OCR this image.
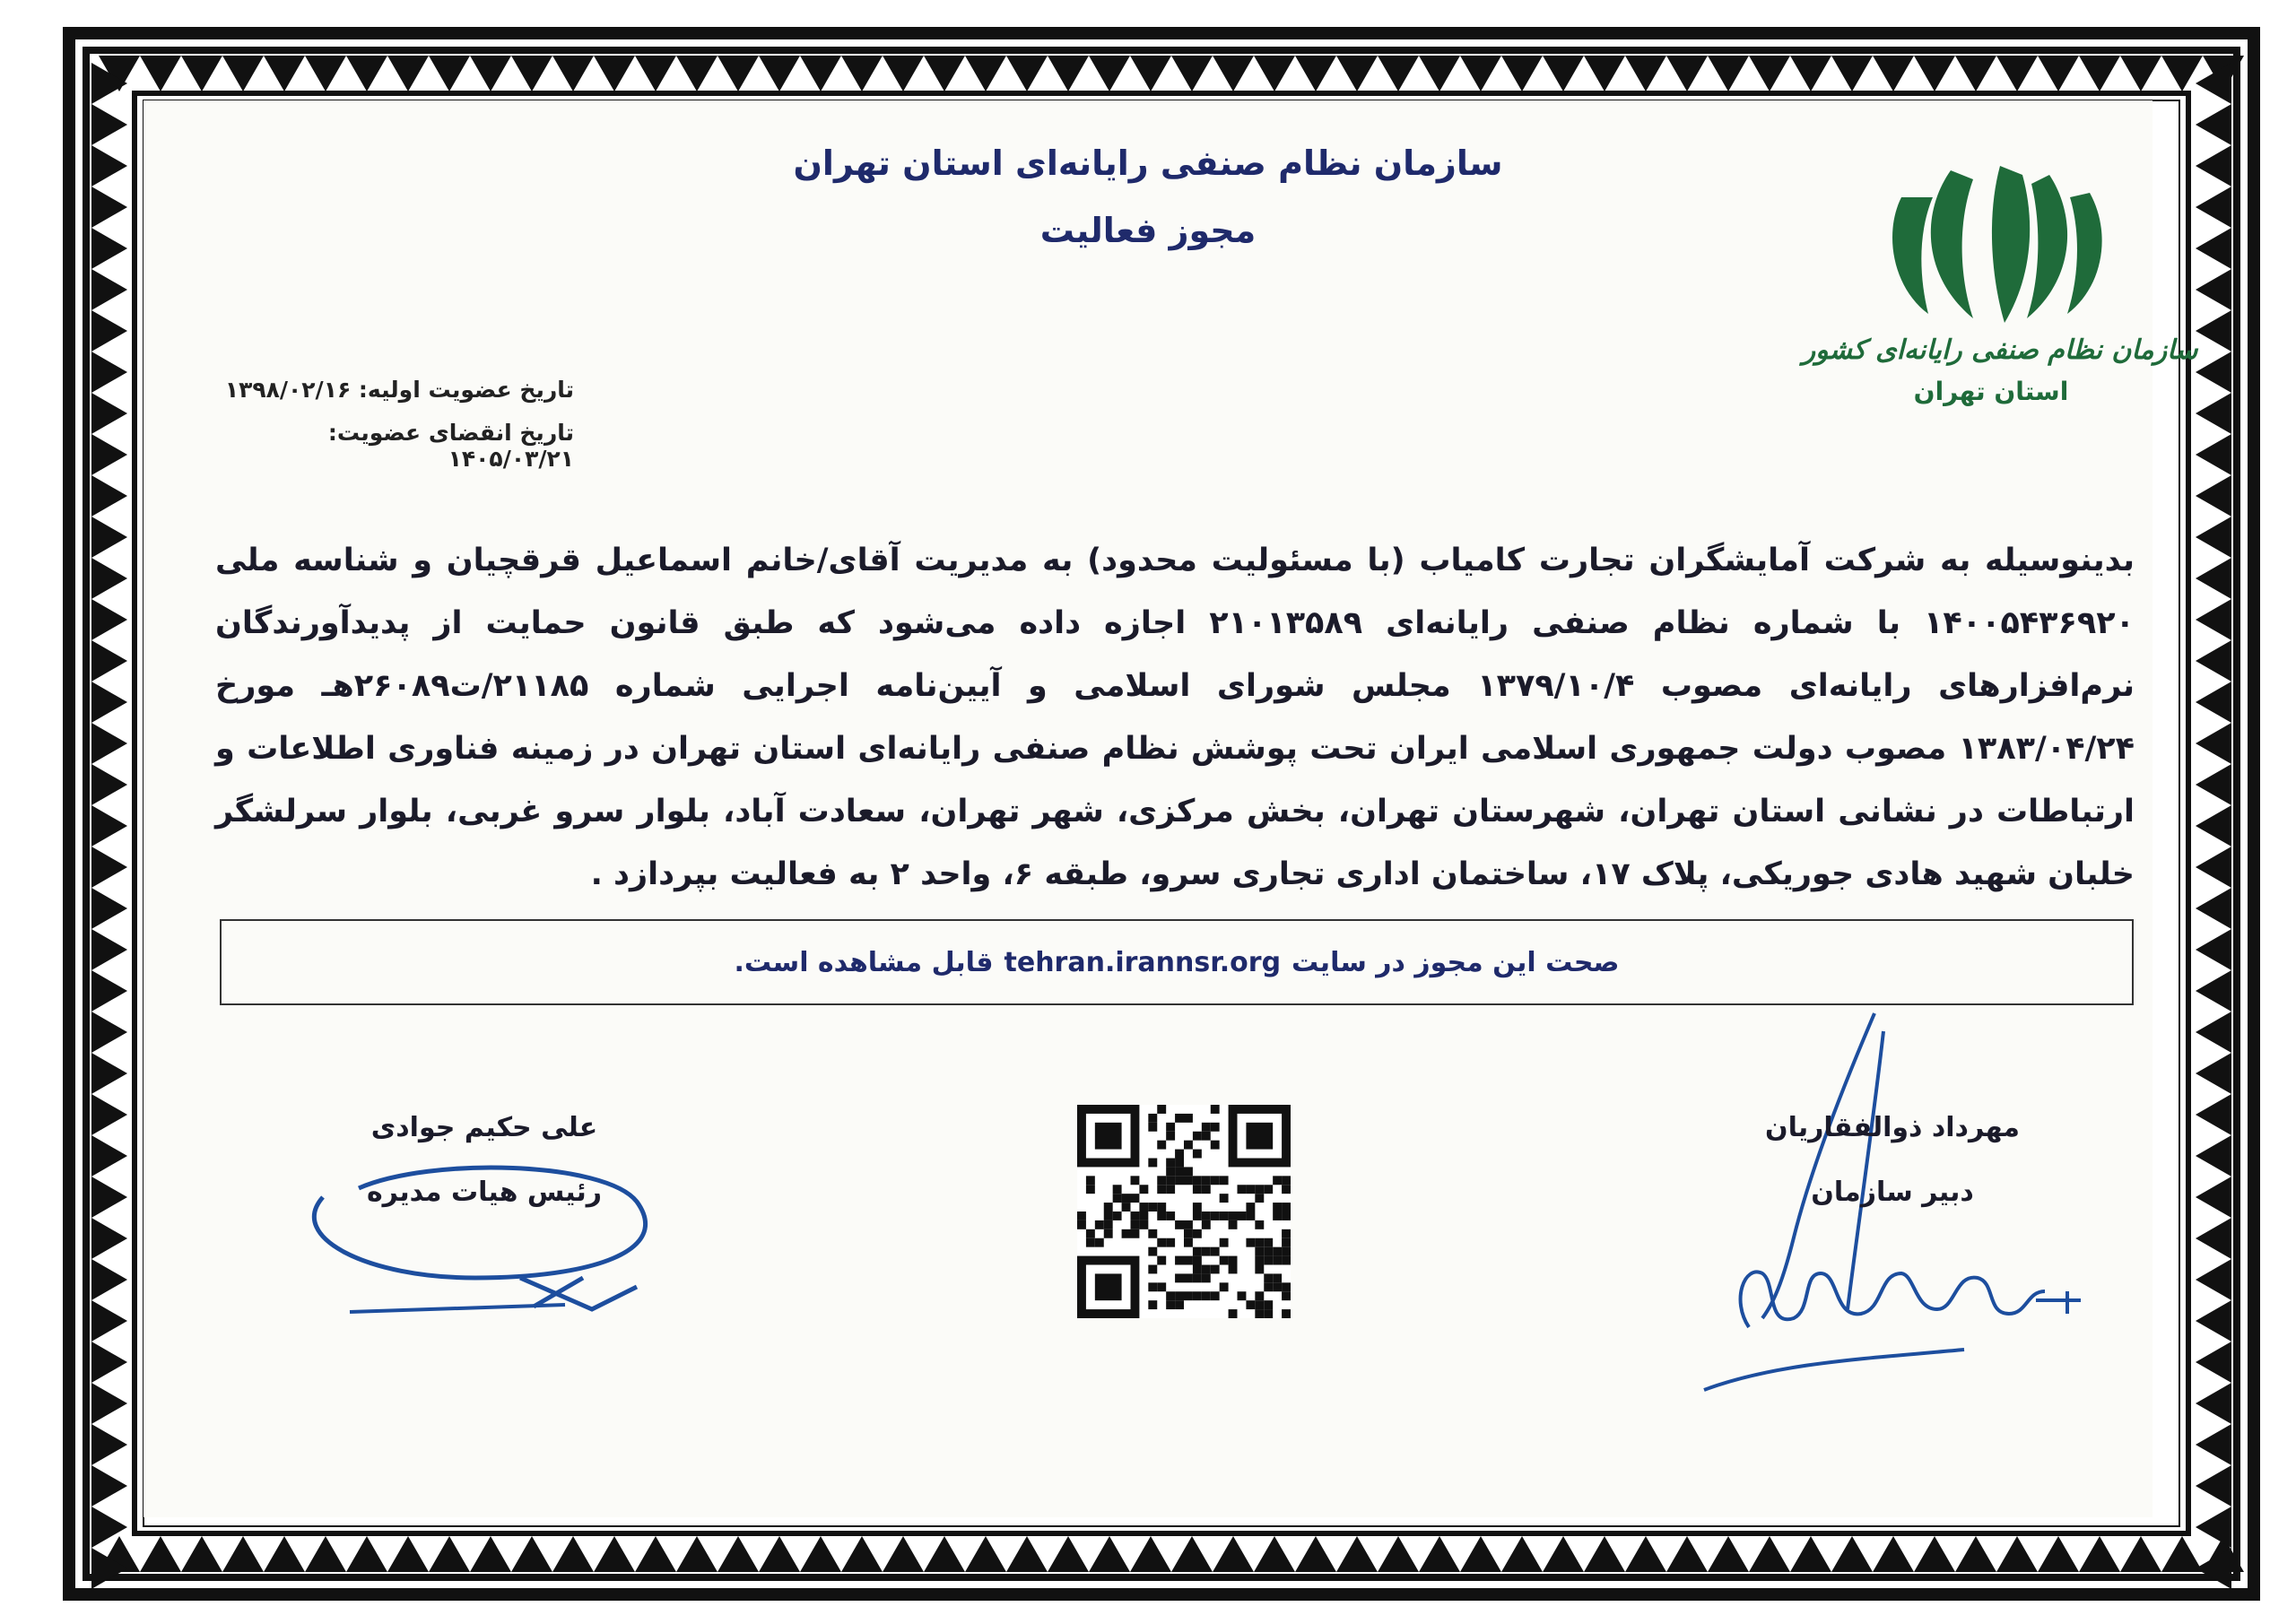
سازمان نظام صنفی رایانه‌ای استان تهران
مجوز فعالیت
سازمان نظام صنفی رایانه‌ای کشور
استان تهران
تاریخ عضویت اولیه: ۱۳۹۸/۰۲/۱۶
تاریخ انقضای عضویت: ۱۴۰۵/۰۳/۲۱
بدینوسیله به شرکت آمایشگران تجارت کامیاب (با مسئولیت محدود) به مدیریت آقای/خانم اسماعیل قرقچیان و شناسه ملی ۱۴۰۰۵۴۳۶۹۲۰ با شماره نظام صنفی رایانه‌ای ۲۱۰۱۳۵۸۹ اجازه داده می‌شود که طبق قانون حمایت از پدیدآورندگان نرم‌افزارهای رایانه‌ای مصوب ۱۳۷۹/۱۰/۴ مجلس شورای اسلامی و آیین‌نامه اجرایی شماره ۲۱۱۸۵/ت۲۶۰۸۹هـ مورخ ۱۳۸۳/۰۴/۲۴ مصوب دولت جمهوری اسلامی ایران تحت پوشش نظام صنفی رایانه‌ای استان تهران در زمینه فناوری اطلاعات و ارتباطات در نشانی استان تهران، شهرستان تهران، بخش مرکزی، شهر تهران، سعادت آباد، بلوار سرو غربی، بلوار سرلشگر خلبان شهید هادی جوریکی، پلاک ۱۷، ساختمان اداری تجاری سرو، طبقه ۶، واحد ۲ به فعالیت بپردازد .
صحت این مجوز در سایت
tehran.irannsr.org
قابل مشاهده است.
علی حکیم جوادی
رئیس هیات مدیره
مهرداد ذوالفقاریان
دبیر سازمان
